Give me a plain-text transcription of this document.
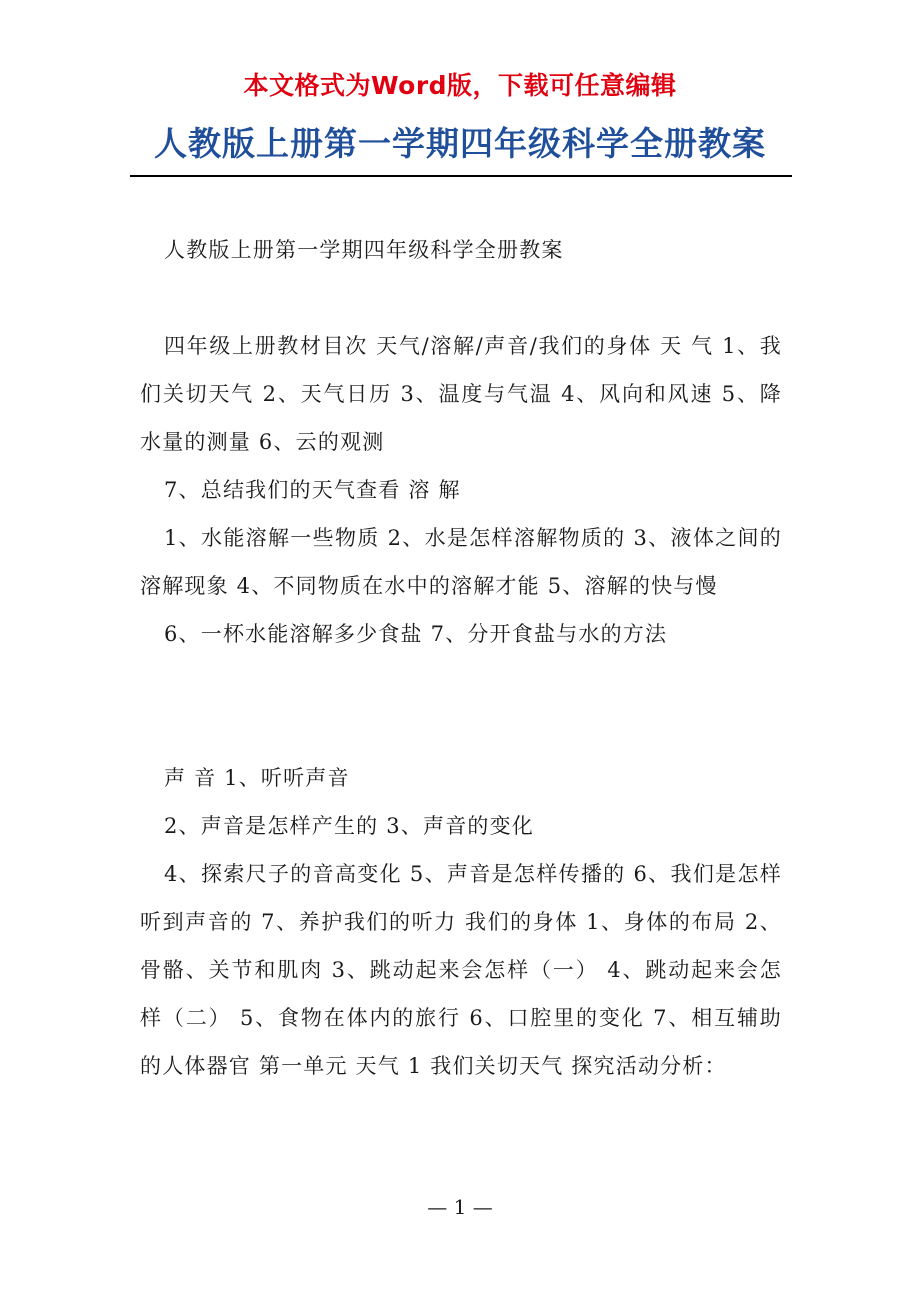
本文格式为Word版，下载可任意编辑
人教版上册第一学期四年级科学全册教案

人教版上册第一学期四年级科学全册教案

四年级上册教材目次 天气/溶解/声音/我们的身体 天 气 1、我们关切天气 2、天气日历 3、温度与气温 4、风向和风速 5、降水量的测量 6、云的观测

7、总结我们的天气查看 溶 解

1、水能溶解一些物质 2、水是怎样溶解物质的 3、液体之间的溶解现象 4、不同物质在水中的溶解才能 5、溶解的快与慢

6、一杯水能溶解多少食盐 7、分开食盐与水的方法

声 音 1、听听声音

2、声音是怎样产生的 3、声音的变化

4、探索尺子的音高变化 5、声音是怎样传播的 6、我们是怎样听到声音的 7、养护我们的听力 我们的身体 1、身体的布局 2、骨骼、关节和肌肉 3、跳动起来会怎样（一） 4、跳动起来会怎样（二） 5、食物在体内的旅行 6、口腔里的变化 7、相互辅助的人体器官 第一单元 天气 1 我们关切天气 探究活动分析：

— 1 —
